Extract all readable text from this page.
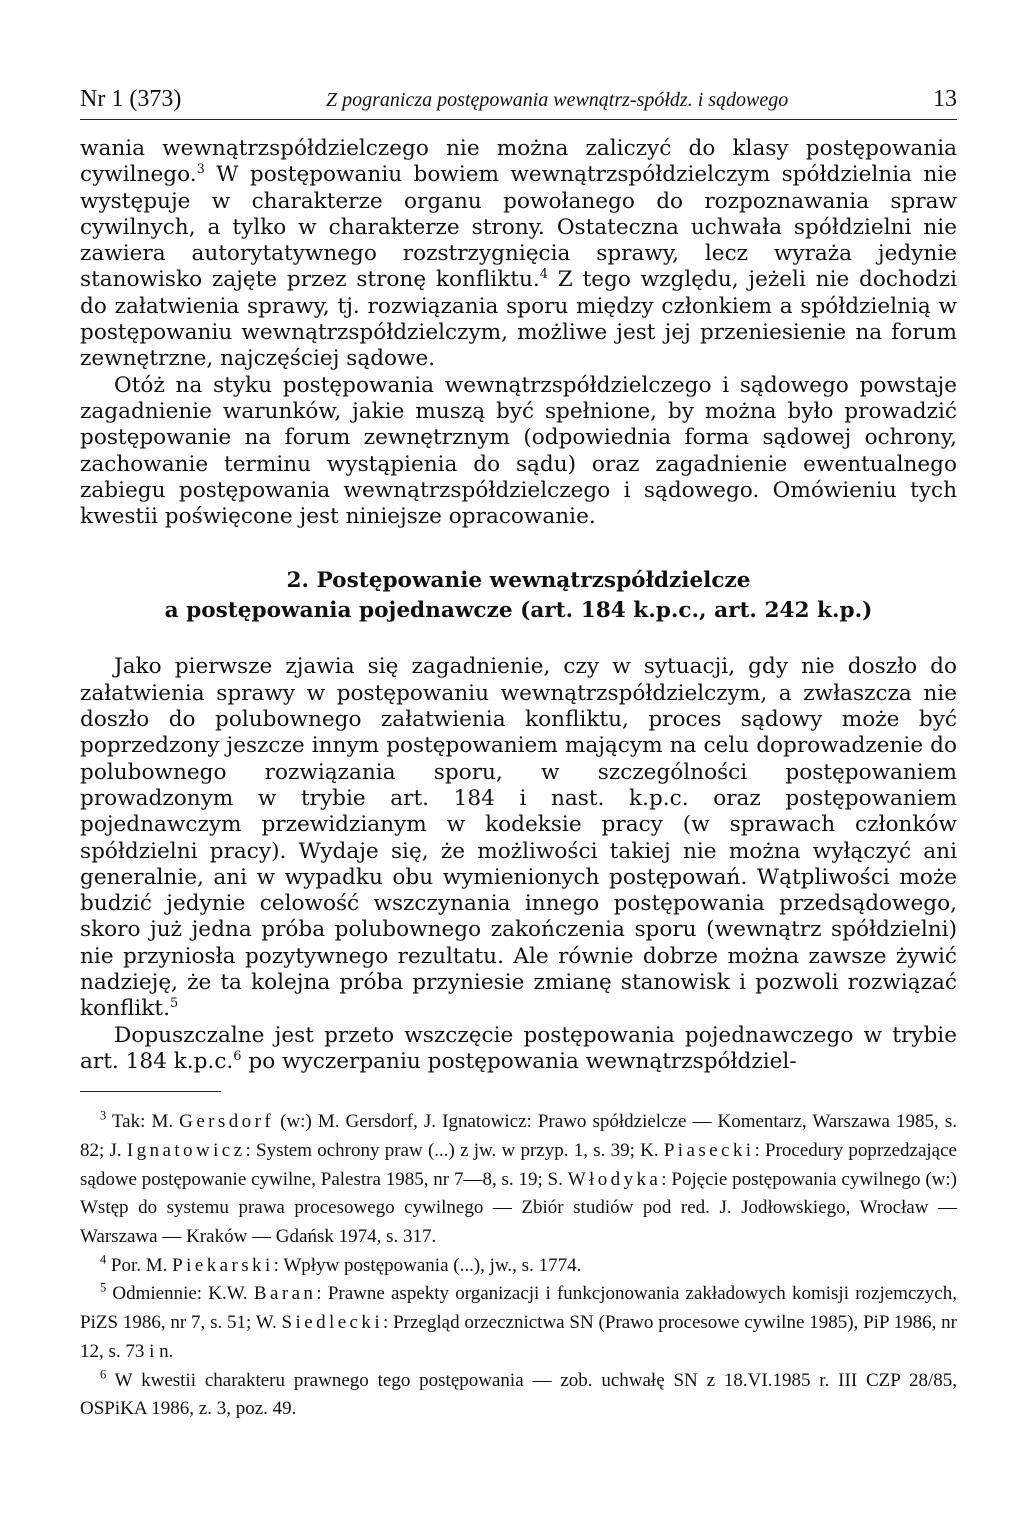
Nr 1 (373)	Z pogranicza postępowania wewnątrz-spółdz. i sądowego	13

wania wewnątrzspółdzielczego nie można zaliczyć do klasy postępowania cywilnego.$^3$ W postępowaniu bowiem wewnątrzspółdzielczym spółdzielnia nie występuje w charakterze organu powołanego do rozpoznawania spraw cywilnych, a tylko w charakterze strony. Ostateczna uchwała spółdzielni nie zawiera autorytatywnego rozstrzygnięcia sprawy, lecz wyraża jedynie stanowisko zajęte przez stronę konfliktu.$^4$ Z tego względu, jeżeli nie dochodzi do załatwienia sprawy, tj. rozwiązania sporu między członkiem a spółdzielnią w postępowaniu wewnątrzspółdzielczym, możliwe jest jej przeniesienie na forum zewnętrzne, najczęściej sądowe.

Otóż na styku postępowania wewnątrzspółdzielczego i sądowego powstaje zagadnienie warunków, jakie muszą być spełnione, by można było prowadzić postępowanie na forum zewnętrznym (odpowiednia forma sądowej ochrony, zachowanie terminu wystąpienia do sądu) oraz zagadnienie ewentualnego zabiegu postępowania wewnątrzspółdzielczego i sądowego. Omówieniu tych kwestii poświęcone jest niniejsze opracowanie.

2. Postępowanie wewnątrzspółdzielcze
a postępowania pojednawcze (art. 184 k.p.c., art. 242 k.p.)

Jako pierwsze zjawia się zagadnienie, czy w sytuacji, gdy nie doszło do załatwienia sprawy w postępowaniu wewnątrzspółdzielczym, a zwłaszcza nie doszło do polubownego załatwienia konfliktu, proces sądowy może być poprzedzony jeszcze innym postępowaniem mającym na celu doprowadzenie do polubownego rozwiązania sporu, w szczególności postępowaniem prowadzonym w trybie art. 184 i nast. k.p.c. oraz postępowaniem pojednawczym przewidzianym w kodeksie pracy (w sprawach członków spółdzielni pracy). Wydaje się, że możliwości takiej nie można wyłączyć ani generalnie, ani w wypadku obu wymienionych postępowań. Wątpliwości może budzić jedynie celowość wszczynania innego postępowania przedsądowego, skoro już jedna próba polubownego zakończenia sporu (wewnątrz spółdzielni) nie przyniosła pozytywnego rezultatu. Ale równie dobrze można zawsze żywić nadzieję, że ta kolejna próba przyniesie zmianę stanowisk i pozwoli rozwiązać konflikt.$^5$

Dopuszczalne jest przeto wszczęcie postępowania pojednawczego w trybie art. 184 k.p.c.$^6$ po wyczerpaniu postępowania wewnątrzspółdziel-

$^3$ Tak: M. Gersdorf (w:) M. Gersdorf, J. Ignatowicz: Prawo spółdzielcze — Komentarz, Warszawa 1985, s. 82; J. Ignatowicz: System ochrony praw (...) z jw. w przyp. 1, s. 39; K. Piasecki: Procedury poprzedzające sądowe postępowanie cywilne, Palestra 1985, nr 7—8, s. 19; S. Włodyka: Pojęcie postępowania cywilnego (w:) Wstęp do systemu prawa procesowego cywilnego — Zbiór studiów pod red. J. Jodłowskiego, Wrocław — Warszawa — Kraków — Gdańsk 1974, s. 317.

$^4$ Por. M. Piekarski: Wpływ postępowania (...), jw., s. 1774.

$^5$ Odmiennie: K.W. Baran: Prawne aspekty organizacji i funkcjonowania zakładowych komisji rozjemczych, PiZS 1986, nr 7, s. 51; W. Siedlecki: Przegląd orzecznictwa SN (Prawo procesowe cywilne 1985), PiP 1986, nr 12, s. 73 i n.

$^6$ W kwestii charakteru prawnego tego postępowania — zob. uchwałę SN z 18.VI.1985 r. III CZP 28/85, OSPiKA 1986, z. 3, poz. 49.
